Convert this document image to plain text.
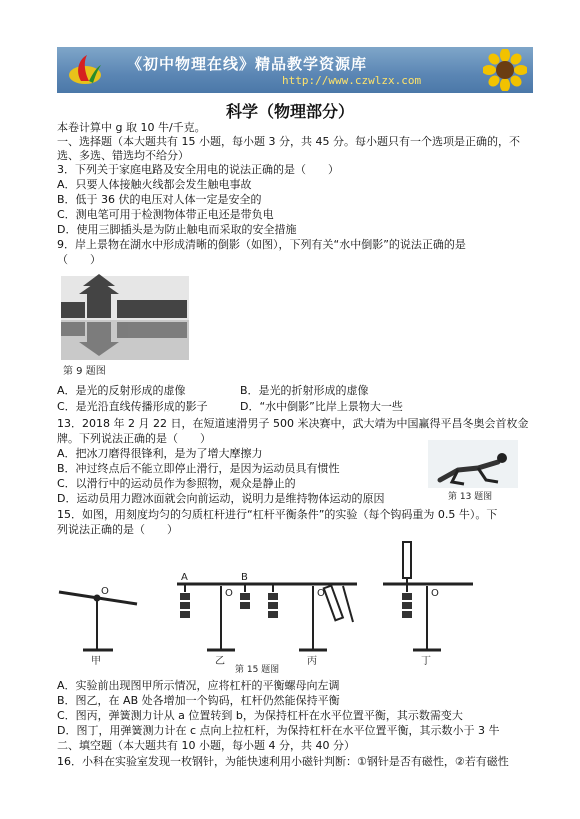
《初中物理在线》精品教学资源库
http://www.czwlzx.com
科学（物理部分）
本卷计算中 g 取 10 牛/千克。
一、选择题（本大题共有 15 小题，每小题 3 分，共 45 分。每小题只有一个选项是正确的，不
选、多选、错选均不给分）
3．下列关于家庭电路及安全用电的说法正确的是（　　）
A．只要人体接触火线都会发生触电事故
B．低于 36 伏的电压对人体一定是安全的
C．测电笔可用于检测物体带正电还是带负电
D．使用三脚插头是为防止触电而采取的安全措施
9．岸上景物在湖水中形成清晰的倒影（如图），下列有关“水中倒影”的说法正确的是
（　　）
第 9 题图
A．是光的反射形成的虚像	B．是光的折射形成的虚像
C．是光沿直线传播形成的影子	D．“水中倒影”比岸上景物大一些
13．2018 年 2 月 22 日，在短道速滑男子 500 米决赛中，武大靖为中国赢得平昌冬奥会首枚金
牌。下列说法正确的是（　　）
A．把冰刀磨得很锋利，是为了增大摩擦力
B．冲过终点后不能立即停止滑行，是因为运动员具有惯性
C．以滑行中的运动员作为参照物，观众是静止的
D．运动员用力蹬冰面就会向前运动，说明力是维持物体运动的原因	第 13 题图
15．如图，用刻度均匀的匀质杠杆进行“杠杆平衡条件”的实验（每个钩码重为 0.5 牛）。下
列说法正确的是（　　）
O
甲
A	B
O
乙
O
丙
O
丁
第 15 题图
A．实验前出现图甲所示情况，应将杠杆的平衡螺母向左调
B．图乙，在 AB 处各增加一个钩码，杠杆仍然能保持平衡
C．图丙，弹簧测力计从 a 位置转到 b，为保持杠杆在水平位置平衡，其示数需变大
D．图丁，用弹簧测力计在 c 点向上拉杠杆，为保持杠杆在水平位置平衡，其示数小于 3 牛
二、填空题（本大题共有 10 小题，每小题 4 分，共 40 分）
16．小科在实验室发现一枚钢针，为能快速利用小磁针判断：①钢针是否有磁性，②若有磁性
